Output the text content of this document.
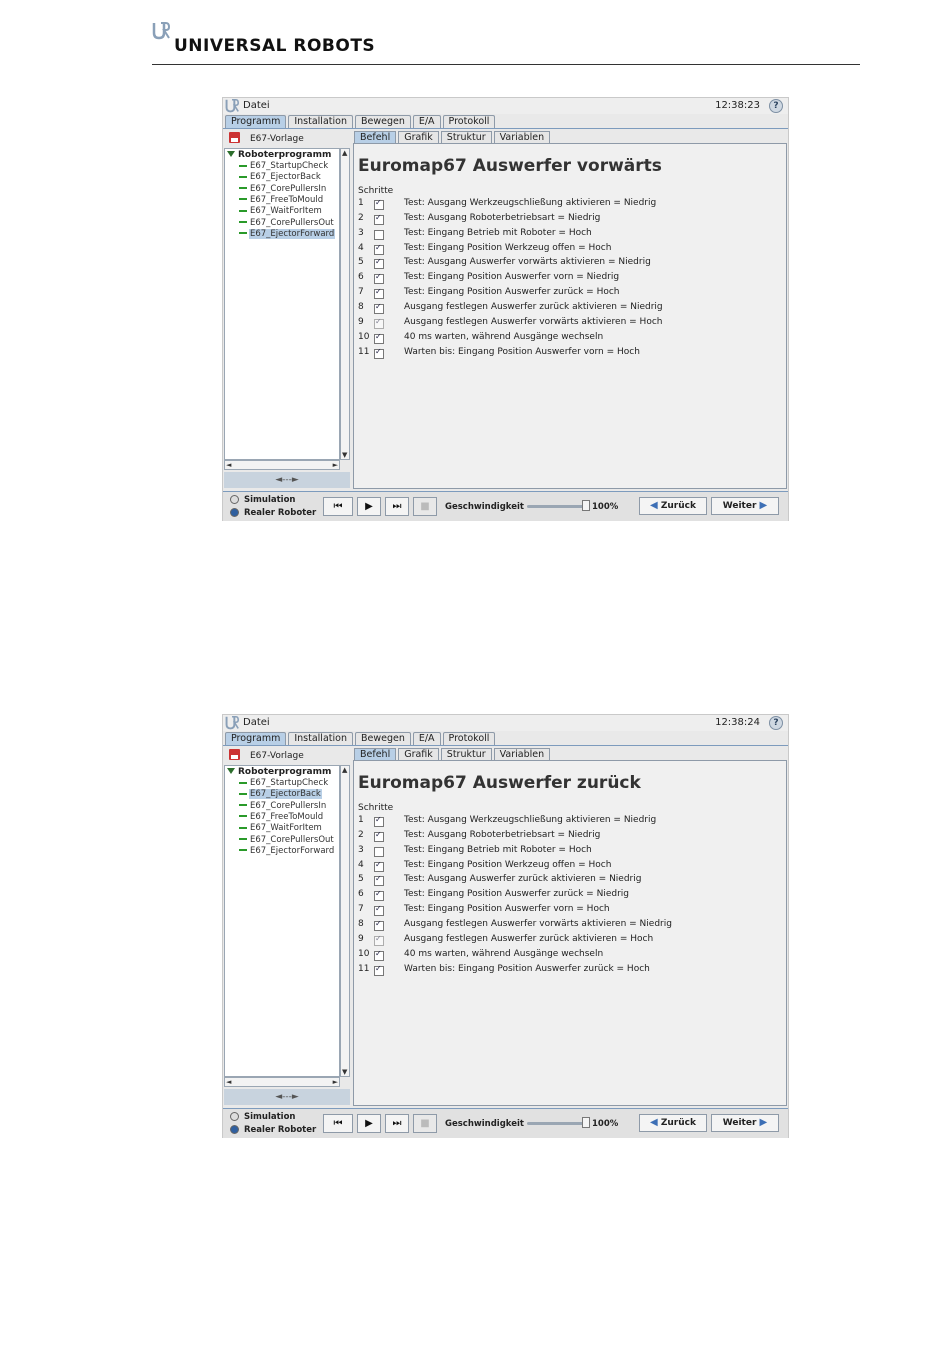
UNIVERSAL ROBOTS
Datei	12:38:23	?
Programm	Installation	Bewegen	E/A	Protokoll
E67-Vorlage
Roboterprogramm
E67_StartupCheck
E67_EjectorBack
E67_CorePullersIn
E67_FreeToMould
E67_WaitForItem
E67_CorePullersOut
E67_EjectorForward
▲
▼
◄	►
◄---►
Befehl	Grafik	Struktur	Variablen
Euromap67 Auswerfer vorwärts
Schritte
1 ✓	Test: Ausgang Werkzeugschließung aktivieren = Niedrig
2 ✓	Test: Ausgang Roboterbetriebsart = Niedrig
3	Test: Eingang Betrieb mit Roboter = Hoch
4 ✓	Test: Eingang Position Werkzeug offen = Hoch
5 ✓	Test: Ausgang Auswerfer vorwärts aktivieren = Niedrig
6 ✓	Test: Eingang Position Auswerfer vorn = Niedrig
7 ✓	Test: Eingang Position Auswerfer zurück = Hoch
8 ✓	Ausgang festlegen Auswerfer zurück aktivieren = Niedrig
9 ✓	Ausgang festlegen Auswerfer vorwärts aktivieren = Hoch
10 ✓	40 ms warten, während Ausgänge wechseln
11 ✓	Warten bis: Eingang Position Auswerfer vorn = Hoch
Simulation
Realer Roboter
⏮	▶	⏭	■	Geschwindigkeit	100%	◀ Zurück	Weiter ▶
Datei	12:38:24	?
Programm	Installation	Bewegen	E/A	Protokoll
E67-Vorlage
Roboterprogramm
E67_StartupCheck
E67_EjectorBack
E67_CorePullersIn
E67_FreeToMould
E67_WaitForItem
E67_CorePullersOut
E67_EjectorForward
▲
▼
◄	►
◄---►
Befehl	Grafik	Struktur	Variablen
Euromap67 Auswerfer zurück
Schritte
1 ✓	Test: Ausgang Werkzeugschließung aktivieren = Niedrig
2 ✓	Test: Ausgang Roboterbetriebsart = Niedrig
3	Test: Eingang Betrieb mit Roboter = Hoch
4 ✓	Test: Eingang Position Werkzeug offen = Hoch
5 ✓	Test: Ausgang Auswerfer zurück aktivieren = Niedrig
6 ✓	Test: Eingang Position Auswerfer zurück = Niedrig
7 ✓	Test: Eingang Position Auswerfer vorn = Hoch
8 ✓	Ausgang festlegen Auswerfer vorwärts aktivieren = Niedrig
9 ✓	Ausgang festlegen Auswerfer zurück aktivieren = Hoch
10 ✓	40 ms warten, während Ausgänge wechseln
11 ✓	Warten bis: Eingang Position Auswerfer zurück = Hoch
Simulation
Realer Roboter
⏮	▶	⏭	■	Geschwindigkeit	100%	◀ Zurück	Weiter ▶
